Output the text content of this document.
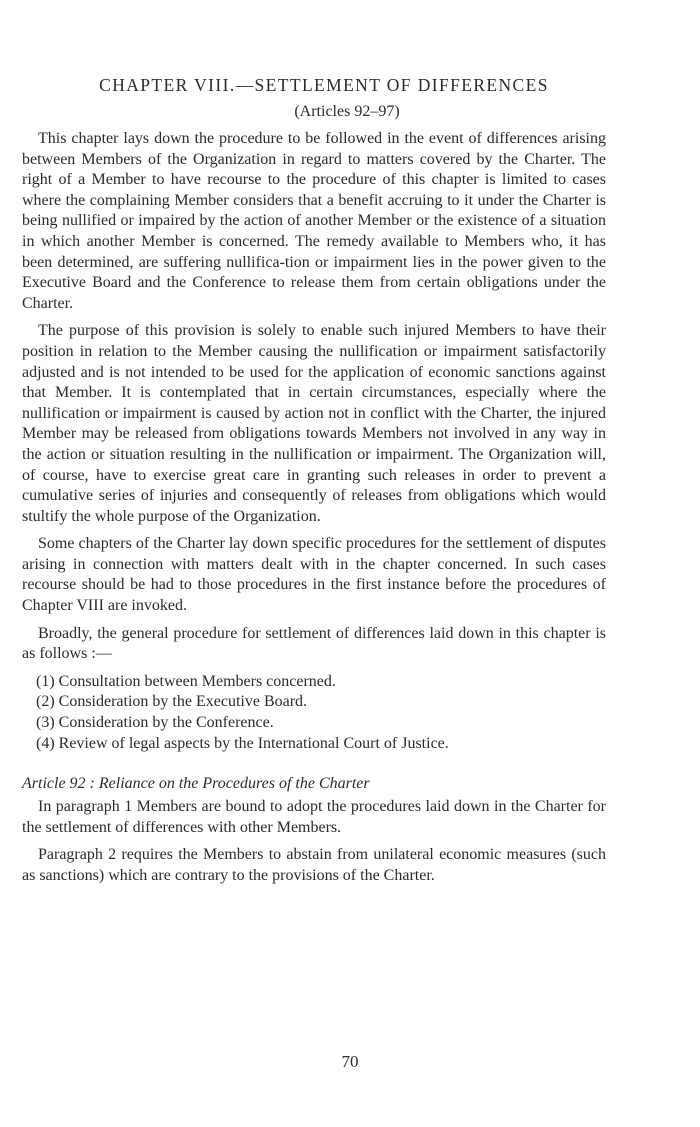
CHAPTER VIII.—SETTLEMENT OF DIFFERENCES
(Articles 92–97)

This chapter lays down the procedure to be followed in the event of differences arising between Members of the Organization in regard to matters covered by the Charter. The right of a Member to have recourse to the procedure of this chapter is limited to cases where the complaining Member considers that a benefit accruing to it under the Charter is being nullified or impaired by the action of another Member or the existence of a situation in which another Member is concerned. The remedy available to Members who, it has been determined, are suffering nullifica-tion or impairment lies in the power given to the Executive Board and the Conference to release them from certain obligations under the Charter.

The purpose of this provision is solely to enable such injured Members to have their position in relation to the Member causing the nullification or impairment satisfactorily adjusted and is not intended to be used for the application of economic sanctions against that Member. It is contemplated that in certain circumstances, especially where the nullification or impairment is caused by action not in conflict with the Charter, the injured Member may be released from obligations towards Members not involved in any way in the action or situation resulting in the nullification or impairment. The Organization will, of course, have to exercise great care in granting such releases in order to prevent a cumulative series of injuries and consequently of releases from obligations which would stultify the whole purpose of the Organization.

Some chapters of the Charter lay down specific procedures for the settlement of disputes arising in connection with matters dealt with in the chapter concerned. In such cases recourse should be had to those procedures in the first instance before the procedures of Chapter VIII are invoked.

Broadly, the general procedure for settlement of differences laid down in this chapter is as follows :—

(1) Consultation between Members concerned.
(2) Consideration by the Executive Board.
(3) Consideration by the Conference.
(4) Review of legal aspects by the International Court of Justice.
Article 92 : Reliance on the Procedures of the Charter

In paragraph 1 Members are bound to adopt the procedures laid down in the Charter for the settlement of differences with other Members.

Paragraph 2 requires the Members to abstain from unilateral economic measures (such as sanctions) which are contrary to the provisions of the Charter.

70
